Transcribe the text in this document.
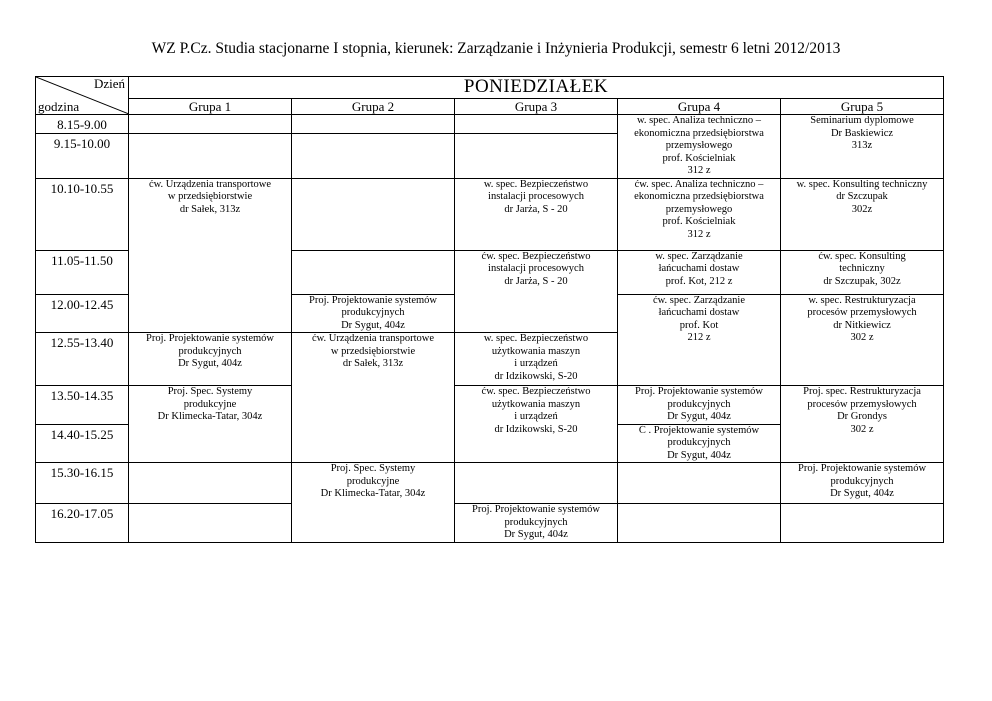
WZ P.Cz. Studia stacjonarne I stopnia, kierunek: Zarządzanie i Inżynieria Produkcji, semestr 6 letni 2012/2013
Dzień
godzina	PONIEDZIAŁEK				
	Grupa 1	Grupa 2	Grupa 3	Grupa 4	Grupa 5
8.15-9.00				w. spec. Analiza techniczno –
ekonomiczna przedsiębiorstwa
przemysłowego
prof. Kościelniak
312 z	Seminarium dyplomowe
Dr Baskiewicz
313z

9.15-10.00					
10.10-10.55	ćw. Urządzenia transportowe
w przedsiębiorstwie
dr Sałek, 313z		w. spec. Bezpieczeństwo
instalacji procesowych
dr Jarża, S - 20	ćw. spec. Analiza techniczno –
ekonomiczna przedsiębiorstwa
przemysłowego
prof. Kościelniak
312 z	w. spec. Konsulting techniczny
dr Szczupak
302z

11.05-11.50			ćw. spec. Bezpieczeństwo
instalacji procesowych
dr Jarża, S - 20	w. spec. Zarządzanie
łańcuchami dostaw
prof. Kot, 212 z	ćw. spec. Konsulting
techniczny
dr Szczupak, 302z

12.00-12.45		Proj. Projektowanie systemów
produkcyjnych
Dr Sygut, 404z		ćw. spec. Zarządzanie
łańcuchami dostaw
prof. Kot
212 z	w. spec. Restrukturyzacja
procesów przemysłowych
dr Nitkiewicz
302 z

12.55-13.40	Proj. Projektowanie systemów
produkcyjnych
Dr Sygut, 404z	ćw. Urządzenia transportowe
w przedsiębiorstwie
dr Sałek, 313z	w. spec. Bezpieczeństwo
użytkowania maszyn
i urządzeń
dr Idzikowski, S-20		

13.50-14.35	Proj. Spec. Systemy
produkcyjne
Dr Klimecka-Tatar, 304z		ćw. spec. Bezpieczeństwo
użytkowania maszyn
i urządzeń
dr Idzikowski, S-20	Proj. Projektowanie systemów
produkcyjnych
Dr Sygut, 404z	Proj. spec. Restrukturyzacja
procesów przemysłowych
Dr Grondys
302 z

14.40-15.25				Ć . Projektowanie systemów
produkcyjnych
Dr Sygut, 404z	

15.30-16.15		Proj. Spec. Systemy
produkcyjne
Dr Klimecka-Tatar, 304z			Proj. Projektowanie systemów
produkcyjnych
Dr Sygut, 404z

16.20-17.05			Proj. Projektowanie systemów
produkcyjnych
Dr Sygut, 404z		
